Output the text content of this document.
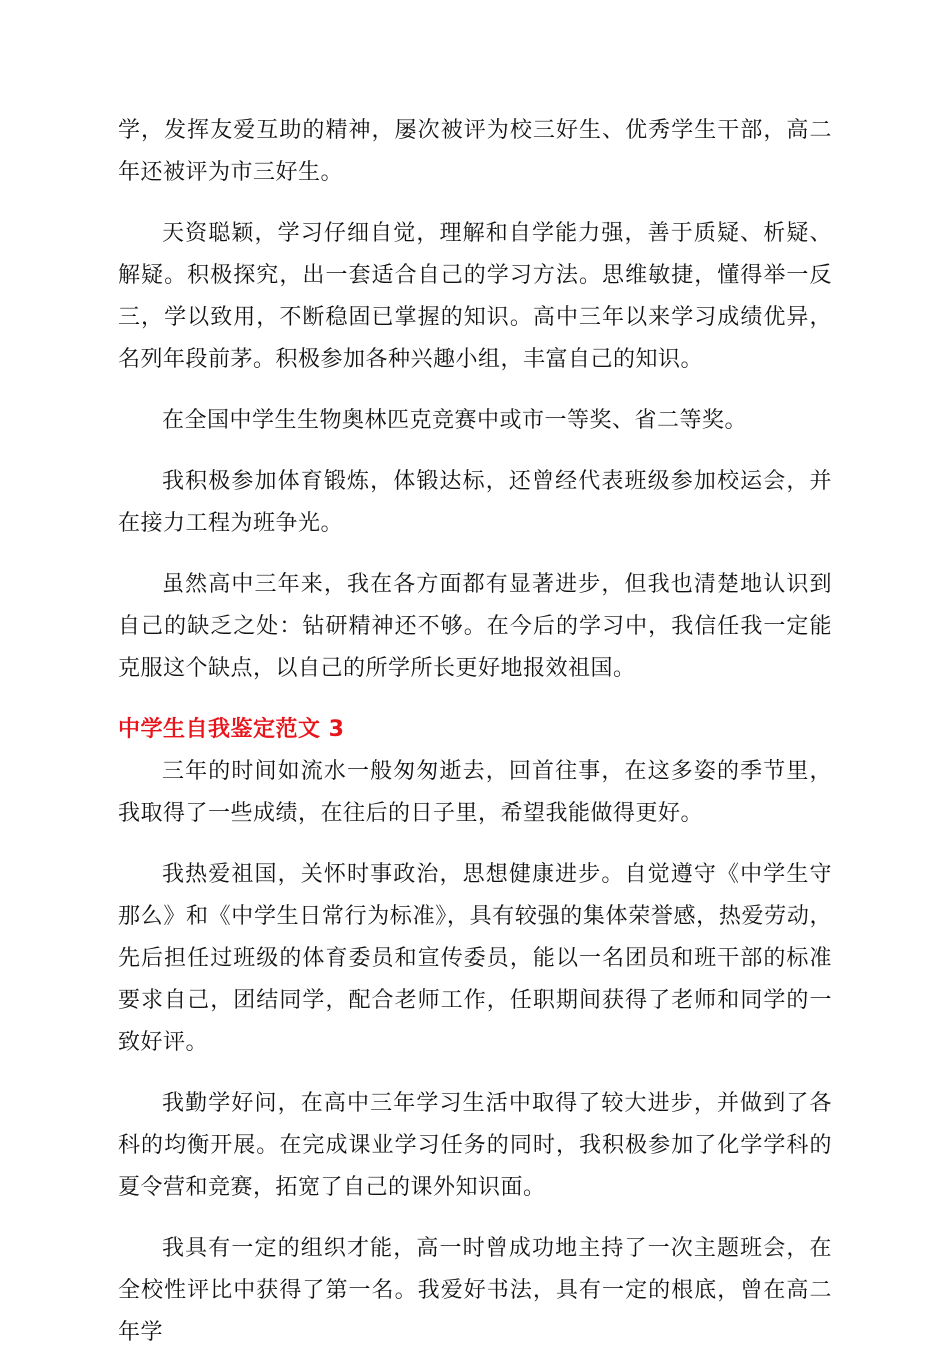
学，发挥友爱互助的精神，屡次被评为校三好生、优秀学生干部，高二年还被评为市三好生。

天资聪颖，学习仔细自觉，理解和自学能力强，善于质疑、析疑、解疑。积极探究，出一套适合自己的学习方法。思维敏捷，懂得举一反三，学以致用，不断稳固已掌握的知识。高中三年以来学习成绩优异，名列年段前茅。积极参加各种兴趣小组，丰富自己的知识。

在全国中学生生物奥林匹克竞赛中或市一等奖、省二等奖。

我积极参加体育锻炼，体锻达标，还曾经代表班级参加校运会，并在接力工程为班争光。

虽然高中三年来，我在各方面都有显著进步，但我也清楚地认识到自己的缺乏之处：钻研精神还不够。在今后的学习中，我信任我一定能克服这个缺点，以自己的所学所长更好地报效祖国。

中学生自我鉴定范文 3

三年的时间如流水一般匆匆逝去，回首往事，在这多姿的季节里，我取得了一些成绩，在往后的日子里，希望我能做得更好。

我热爱祖国，关怀时事政治，思想健康进步。自觉遵守《中学生守那么》和《中学生日常行为标准》，具有较强的集体荣誉感，热爱劳动，先后担任过班级的体育委员和宣传委员，能以一名团员和班干部的标准要求自己，团结同学，配合老师工作，任职期间获得了老师和同学的一致好评。

我勤学好问，在高中三年学习生活中取得了较大进步，并做到了各科的均衡开展。在完成课业学习任务的同时，我积极参加了化学学科的夏令营和竞赛，拓宽了自己的课外知识面。

我具有一定的组织才能，高一时曾成功地主持了一次主题班会，在全校性评比中获得了第一名。我爱好书法，具有一定的根底，曾在高二年学
